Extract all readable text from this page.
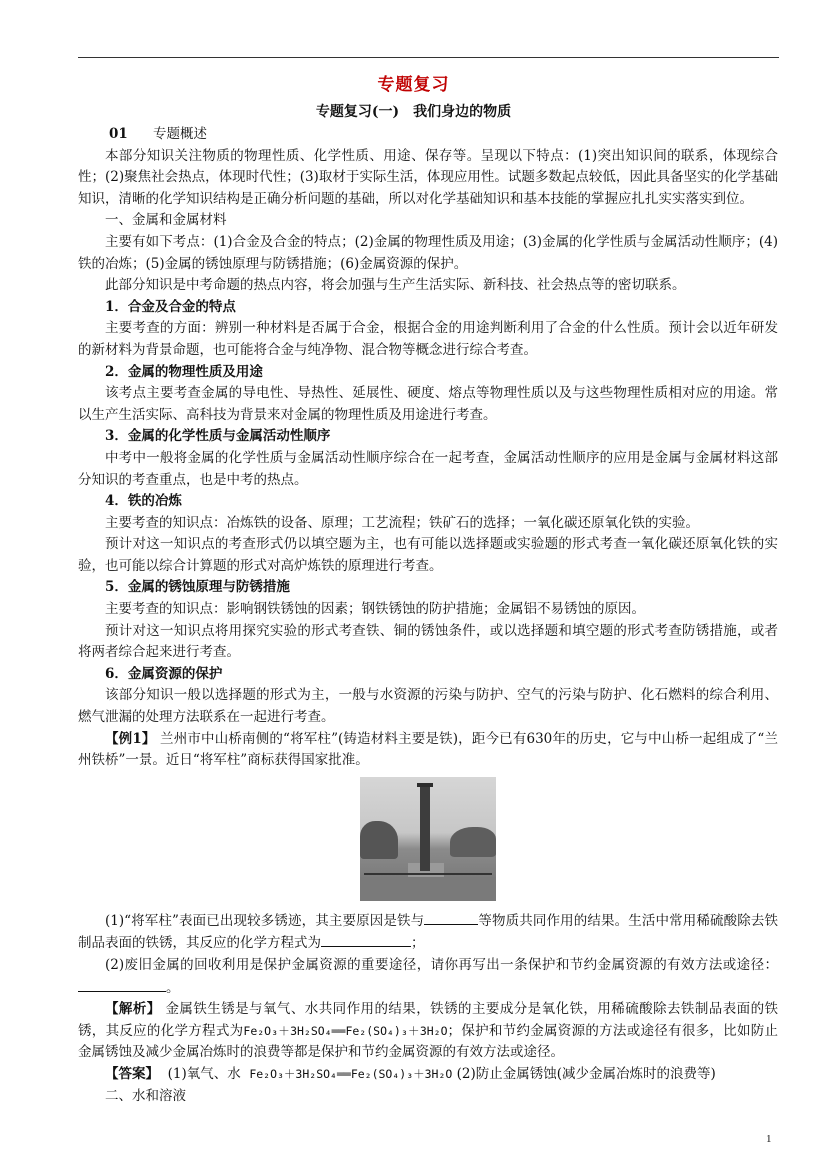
专题复习
专题复习(一)　我们身边的物质

01 专题概述

本部分知识关注物质的物理性质、化学性质、用途、保存等。呈现以下特点：(1)突出知识间的联系，体现综合性；(2)聚焦社会热点，体现时代性；(3)取材于实际生活，体现应用性。试题多数起点较低，因此具备坚实的化学基础知识，清晰的化学知识结构是正确分析问题的基础，所以对化学基础知识和基本技能的掌握应扎扎实实落实到位。

一、金属和金属材料

主要有如下考点：(1)合金及合金的特点；(2)金属的物理性质及用途；(3)金属的化学性质与金属活动性顺序；(4)铁的冶炼；(5)金属的锈蚀原理与防锈措施；(6)金属资源的保护。

此部分知识是中考命题的热点内容，将会加强与生产生活实际、新科技、社会热点等的密切联系。

1．合金及合金的特点

主要考查的方面：辨别一种材料是否属于合金，根据合金的用途判断利用了合金的什么性质。预计会以近年研发的新材料为背景命题，也可能将合金与纯净物、混合物等概念进行综合考查。

2．金属的物理性质及用途

该考点主要考查金属的导电性、导热性、延展性、硬度、熔点等物理性质以及与这些物理性质相对应的用途。常以生产生活实际、高科技为背景来对金属的物理性质及用途进行考查。

3．金属的化学性质与金属活动性顺序

中考中一般将金属的化学性质与金属活动性顺序综合在一起考查，金属活动性顺序的应用是金属与金属材料这部分知识的考查重点，也是中考的热点。

4．铁的冶炼

主要考查的知识点：冶炼铁的设备、原理；工艺流程；铁矿石的选择；一氧化碳还原氧化铁的实验。

预计对这一知识点的考查形式仍以填空题为主，也有可能以选择题或实验题的形式考查一氧化碳还原氧化铁的实验，也可能以综合计算题的形式对高炉炼铁的原理进行考查。

5．金属的锈蚀原理与防锈措施

主要考查的知识点：影响钢铁锈蚀的因素；钢铁锈蚀的防护措施；金属铝不易锈蚀的原因。

预计对这一知识点将用探究实验的形式考查铁、铜的锈蚀条件，或以选择题和填空题的形式考查防锈措施，或者将两者综合起来进行考查。

6．金属资源的保护

该部分知识一般以选择题的形式为主，一般与水资源的污染与防护、空气的污染与防护、化石燃料的综合利用、燃气泄漏的处理方法联系在一起进行考查。

【例1】 兰州市中山桥南侧的“将军柱”(铸造材料主要是铁)，距今已有630年的历史，它与中山桥一起组成了“兰州铁桥”一景。近日“将军柱”商标获得国家批准。

(1)“将军柱”表面已出现较多锈迹，其主要原因是铁与	等物质共同作用的结果。生活中常用稀硫酸除去铁制品表面的铁锈，其反应的化学方程式为	；

(2)废旧金属的回收利用是保护金属资源的重要途径，请你再写出一条保护和节约金属资源的有效方法或途径：。

【解析】 金属铁生锈是与氧气、水共同作用的结果，铁锈的主要成分是氧化铁，用稀硫酸除去铁制品表面的铁锈，其反应的化学方程式为Fe₂O₃＋3H₂SO₄══Fe₂(SO₄)₃＋3H₂O；保护和节约金属资源的方法或途径有很多，比如防止金属锈蚀及减少金属冶炼时的浪费等都是保护和节约金属资源的有效方法或途径。

【答案】 (1)氧气、水 Fe₂O₃＋3H₂SO₄══Fe₂(SO₄)₃＋3H₂O (2)防止金属锈蚀(减少金属冶炼时的浪费等)

二、水和溶液

1
